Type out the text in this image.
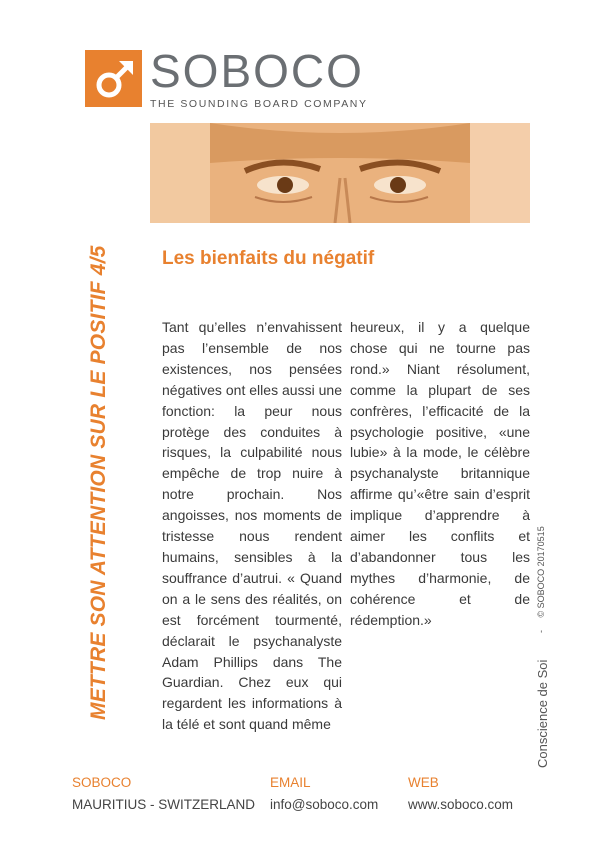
SOBOCO
THE SOUNDING BOARD COMPANY
METTRE SON ATTENTION SUR LE POSITIF 4/5	Les bienfaits du négatif
Tant qu’elles n’envahissent pas l’ensemble de nos existences, nos pensées négatives ont elles aussi une fonction: la peur nous protège des conduites à risques, la culpabilité nous empêche de trop nuire à notre prochain. Nos angoisses, nos moments de tristesse nous rendent humains, sensibles à la souffrance d’autrui. « Quand on a le sens des réalités, on est forcément tourmenté, déclarait le psychanalyste Adam Phillips dans The Guardian. Chez eux qui regardent les informations à la télé et sont quand même
heureux, il y a quelque chose qui ne tourne pas rond.» Niant résolument, comme la plupart de ses confrères, l’efficacité de la psychologie positive, «une lubie» à la mode, le célèbre psychanalyste britannique affirme qu’«être sain d’esprit implique d’apprendre à aimer les conflits et d’abandonner tous les mythes d’harmonie, de cohérence et de rédemption.»
Conscience de Soi
-     © SOBOCO 20170515
SOBOCO
MAURITIUS - SWITZERLAND
EMAIL
info@soboco.com
WEB
www.soboco.com
